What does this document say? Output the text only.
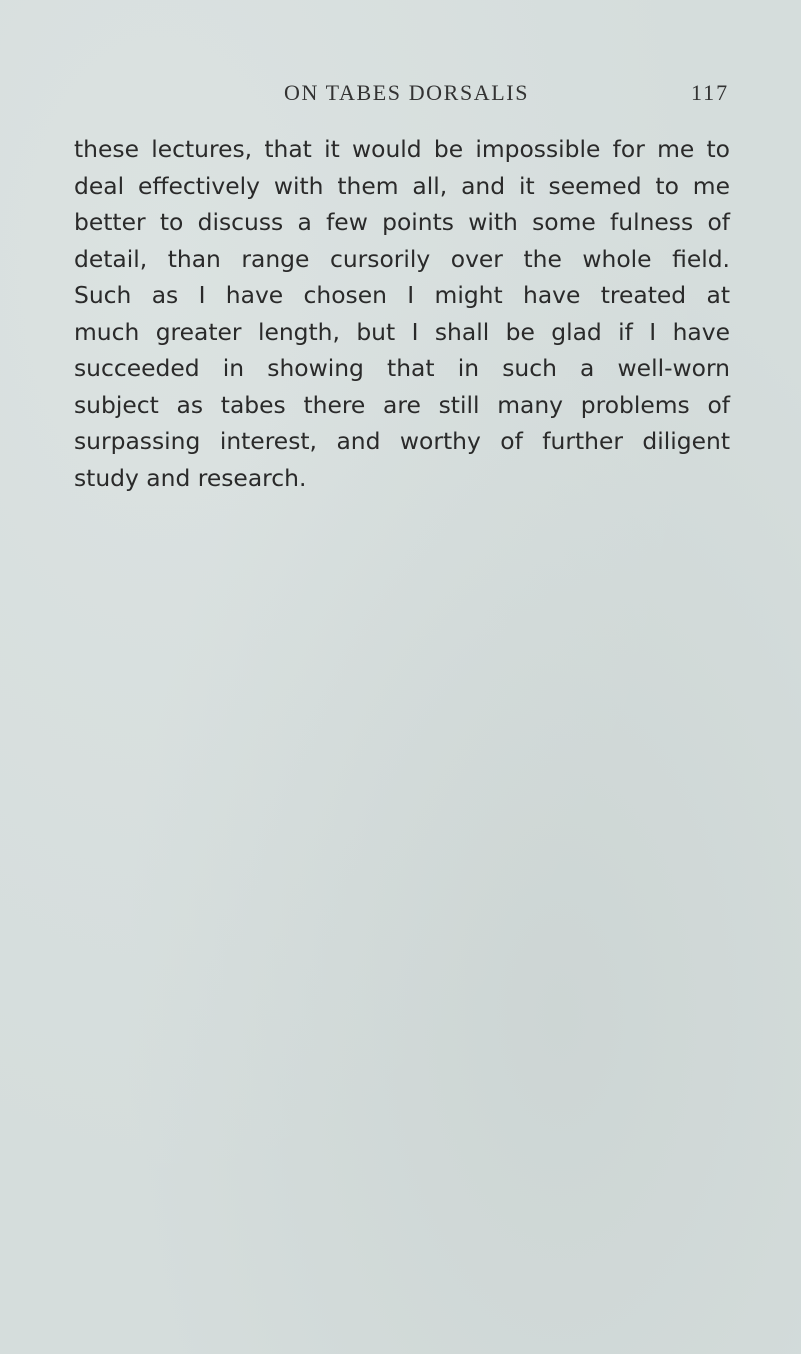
ON TABES DORSALIS	117

these lectures, that it would be impossible for me to
deal effectively with them all, and it seemed to me
better to discuss a few points with some fulness of
detail, than range cursorily over the whole field.
Such as I have chosen I might have treated at
much greater length, but I shall be glad if I have
succeeded in showing that in such a well-worn
subject as tabes there are still many problems of
surpassing interest, and worthy of further diligent
study and research.
